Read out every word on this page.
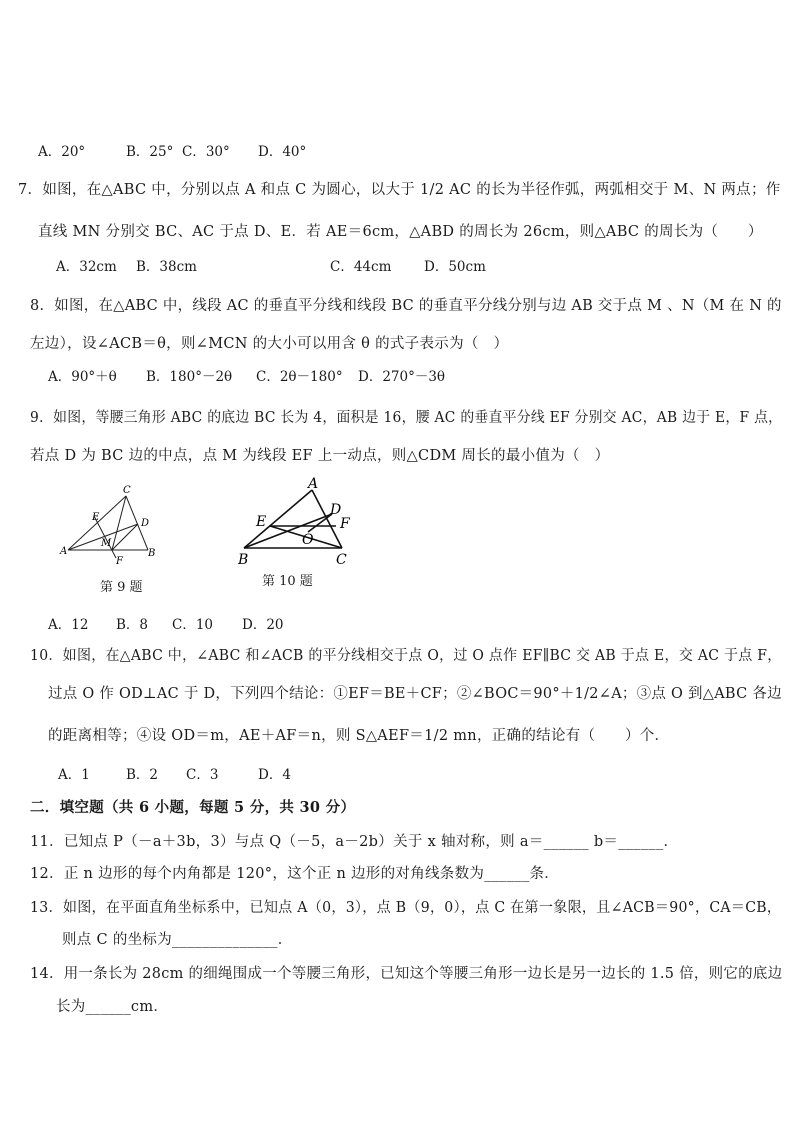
A．20°	B．25° C．30° D．40°
7．如图，在△ABC 中，分别以点 A 和点 C 为圆心，以大于 1/2 AC 的长为半径作弧，两弧相交于 M、N 两点；作
直线 MN 分别交 BC、AC 于点 D、E．若 AE＝6cm，△ABD 的周长为 26cm，则△ABC 的周长为（　　）
A．32cm B．38cm	C．44cm D．50cm
8．如图，在△ABC 中，线段 AC 的垂直平分线和线段 BC 的垂直平分线分别与边 AB 交于点 M 、N（M 在 N 的
左边），设∠ACB＝θ，则∠MCN 的大小可以用含 θ 的式子表示为（　）
A．90°＋θ B．180°－2θ C．2θ－180° D．270°－3θ
9．如图，等腰三角形 ABC 的底边 BC 长为 4，面积是 16，腰 AC 的垂直平分线 EF 分别交 AC，AB 边于 E，F 点，
若点 D 为 BC 边的中点，点 M 为线段 EF 上一动点，则△CDM 周长的最小值为（　）
C
E
D
M
A
F
B
第 9 题
A
D
E	F
O
B	C
第 10 题
A．12 B．8 C．10 D．20
10．如图，在△ABC 中，∠ABC 和∠ACB 的平分线相交于点 O，过 O 点作 EF∥BC 交 AB 于点 E，交 AC 于点 F，
过点 O 作 OD⊥AC 于 D，下列四个结论：①EF＝BE＋CF；②∠BOC＝90°＋1/2∠A；③点 O 到△ABC 各边
的距离相等；④设 OD＝m，AE＋AF＝n，则 S△AEF＝1/2 mn，正确的结论有（　　）个．
A．1	B．2 C．3	D．4
二．填空题（共 6 小题，每题 5 分，共 30 分）
11．已知点 P（－a＋3b，3）与点 Q（－5，a－2b）关于 x 轴对称，则 a＝______ b＝______．
12．正 n 边形的每个内角都是 120°，这个正 n 边形的对角线条数为______条．
13．如图，在平面直角坐标系中，已知点 A（0，3），点 B（9，0），点 C 在第一象限，且∠ACB＝90°，CA＝CB，
则点 C 的坐标为______________．
14．用一条长为 28cm 的细绳围成一个等腰三角形，已知这个等腰三角形一边长是另一边长的 1.5 倍，则它的底边
长为______cm．
